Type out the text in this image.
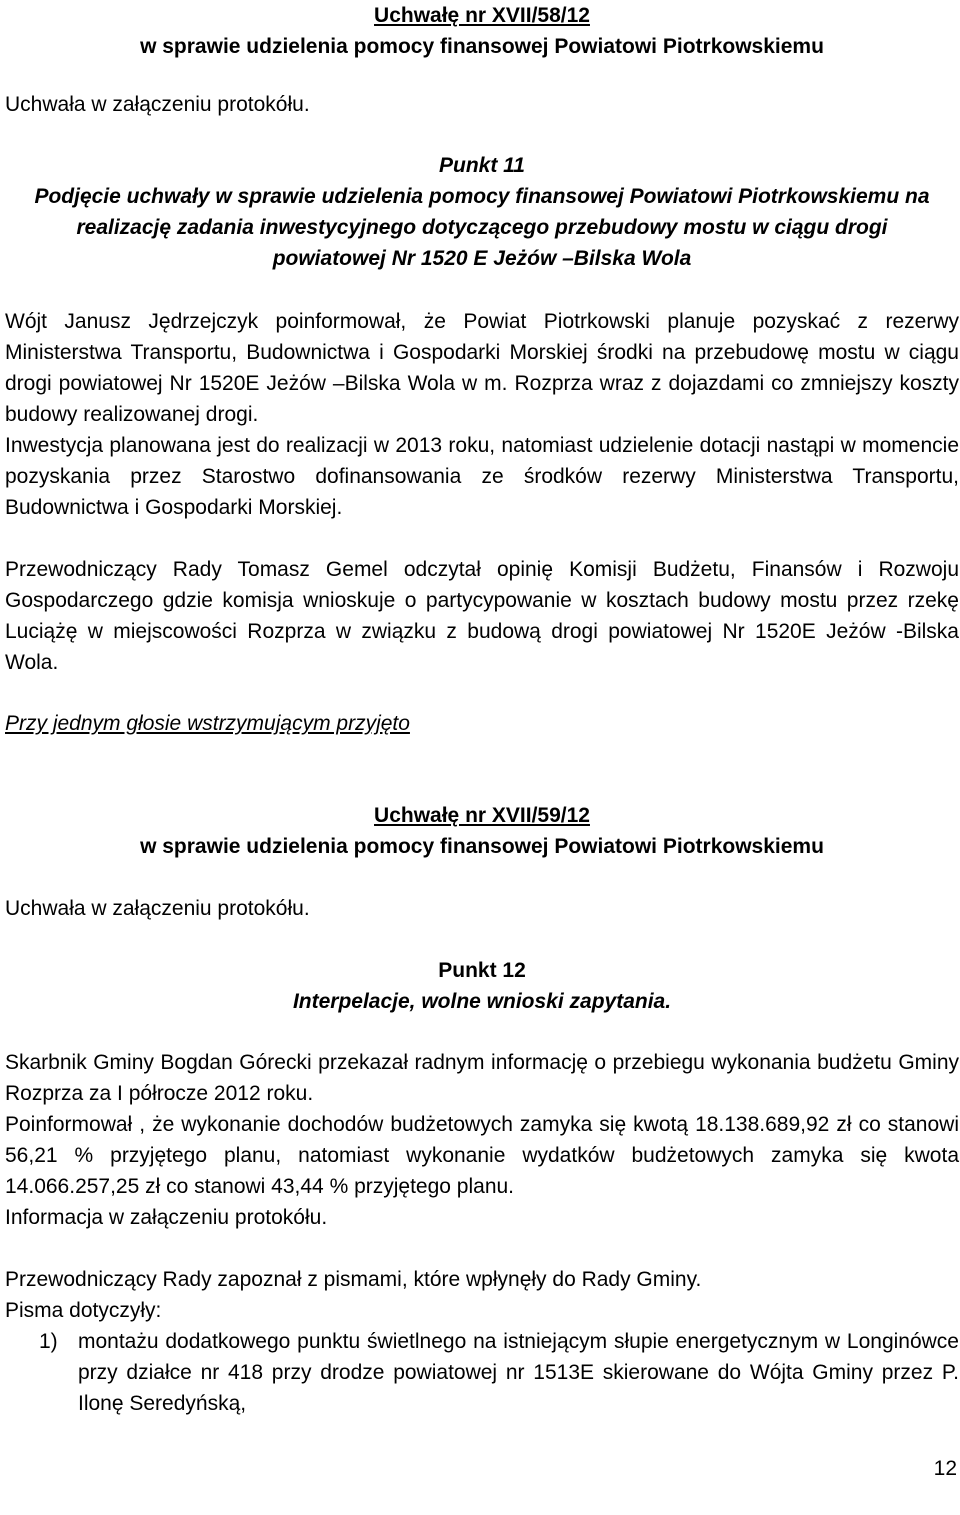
Uchwałę nr XVII/58/12

w sprawie udzielenia pomocy finansowej Powiatowi Piotrkowskiemu

Uchwała w załączeniu protokółu.

Punkt 11

Podjęcie uchwały w sprawie udzielenia pomocy finansowej Powiatowi Piotrkowskiemu na

realizację zadania inwestycyjnego dotyczącego przebudowy mostu w ciągu drogi

powiatowej Nr 1520 E Jeżów –Bilska Wola

Wójt Janusz Jędrzejczyk poinformował, że Powiat Piotrkowski planuje pozyskać z rezerwy Ministerstwa Transportu, Budownictwa i Gospodarki Morskiej środki na przebudowę mostu w ciągu drogi powiatowej Nr 1520E Jeżów –Bilska Wola w m. Rozprza wraz z dojazdami co zmniejszy koszty budowy realizowanej drogi.

Inwestycja planowana jest do realizacji w 2013 roku, natomiast udzielenie dotacji nastąpi w momencie pozyskania przez Starostwo dofinansowania ze środków rezerwy Ministerstwa Transportu, Budownictwa i Gospodarki Morskiej.

Przewodniczący Rady Tomasz Gemel odczytał opinię Komisji Budżetu, Finansów i Rozwoju Gospodarczego gdzie komisja wnioskuje o partycypowanie w kosztach budowy mostu przez rzekę Luciążę w miejscowości Rozprza w związku z budową drogi powiatowej Nr 1520E Jeżów -Bilska Wola.

Przy jednym głosie wstrzymującym przyjęto

Uchwałę nr XVII/59/12

w sprawie udzielenia pomocy finansowej Powiatowi Piotrkowskiemu

Uchwała w załączeniu protokółu.

Punkt 12

Interpelacje, wolne wnioski zapytania.

Skarbnik Gminy Bogdan Górecki przekazał radnym informację o przebiegu wykonania budżetu Gminy Rozprza za I półrocze 2012 roku.

Poinformował , że wykonanie dochodów budżetowych zamyka się kwotą 18.138.689,92 zł co stanowi 56,21 % przyjętego planu, natomiast wykonanie wydatków budżetowych zamyka się kwota 14.066.257,25 zł co stanowi 43,44 % przyjętego planu.

Informacja w załączeniu protokółu.

Przewodniczący Rady zapoznał z pismami, które wpłynęły do Rady Gminy.

Pisma dotyczyły:

1) montażu dodatkowego punktu świetlnego na istniejącym słupie energetycznym w Longinówce przy działce nr 418 przy drodze powiatowej nr 1513E skierowane do Wójta Gminy przez P. Ilonę Seredyńską,

12
